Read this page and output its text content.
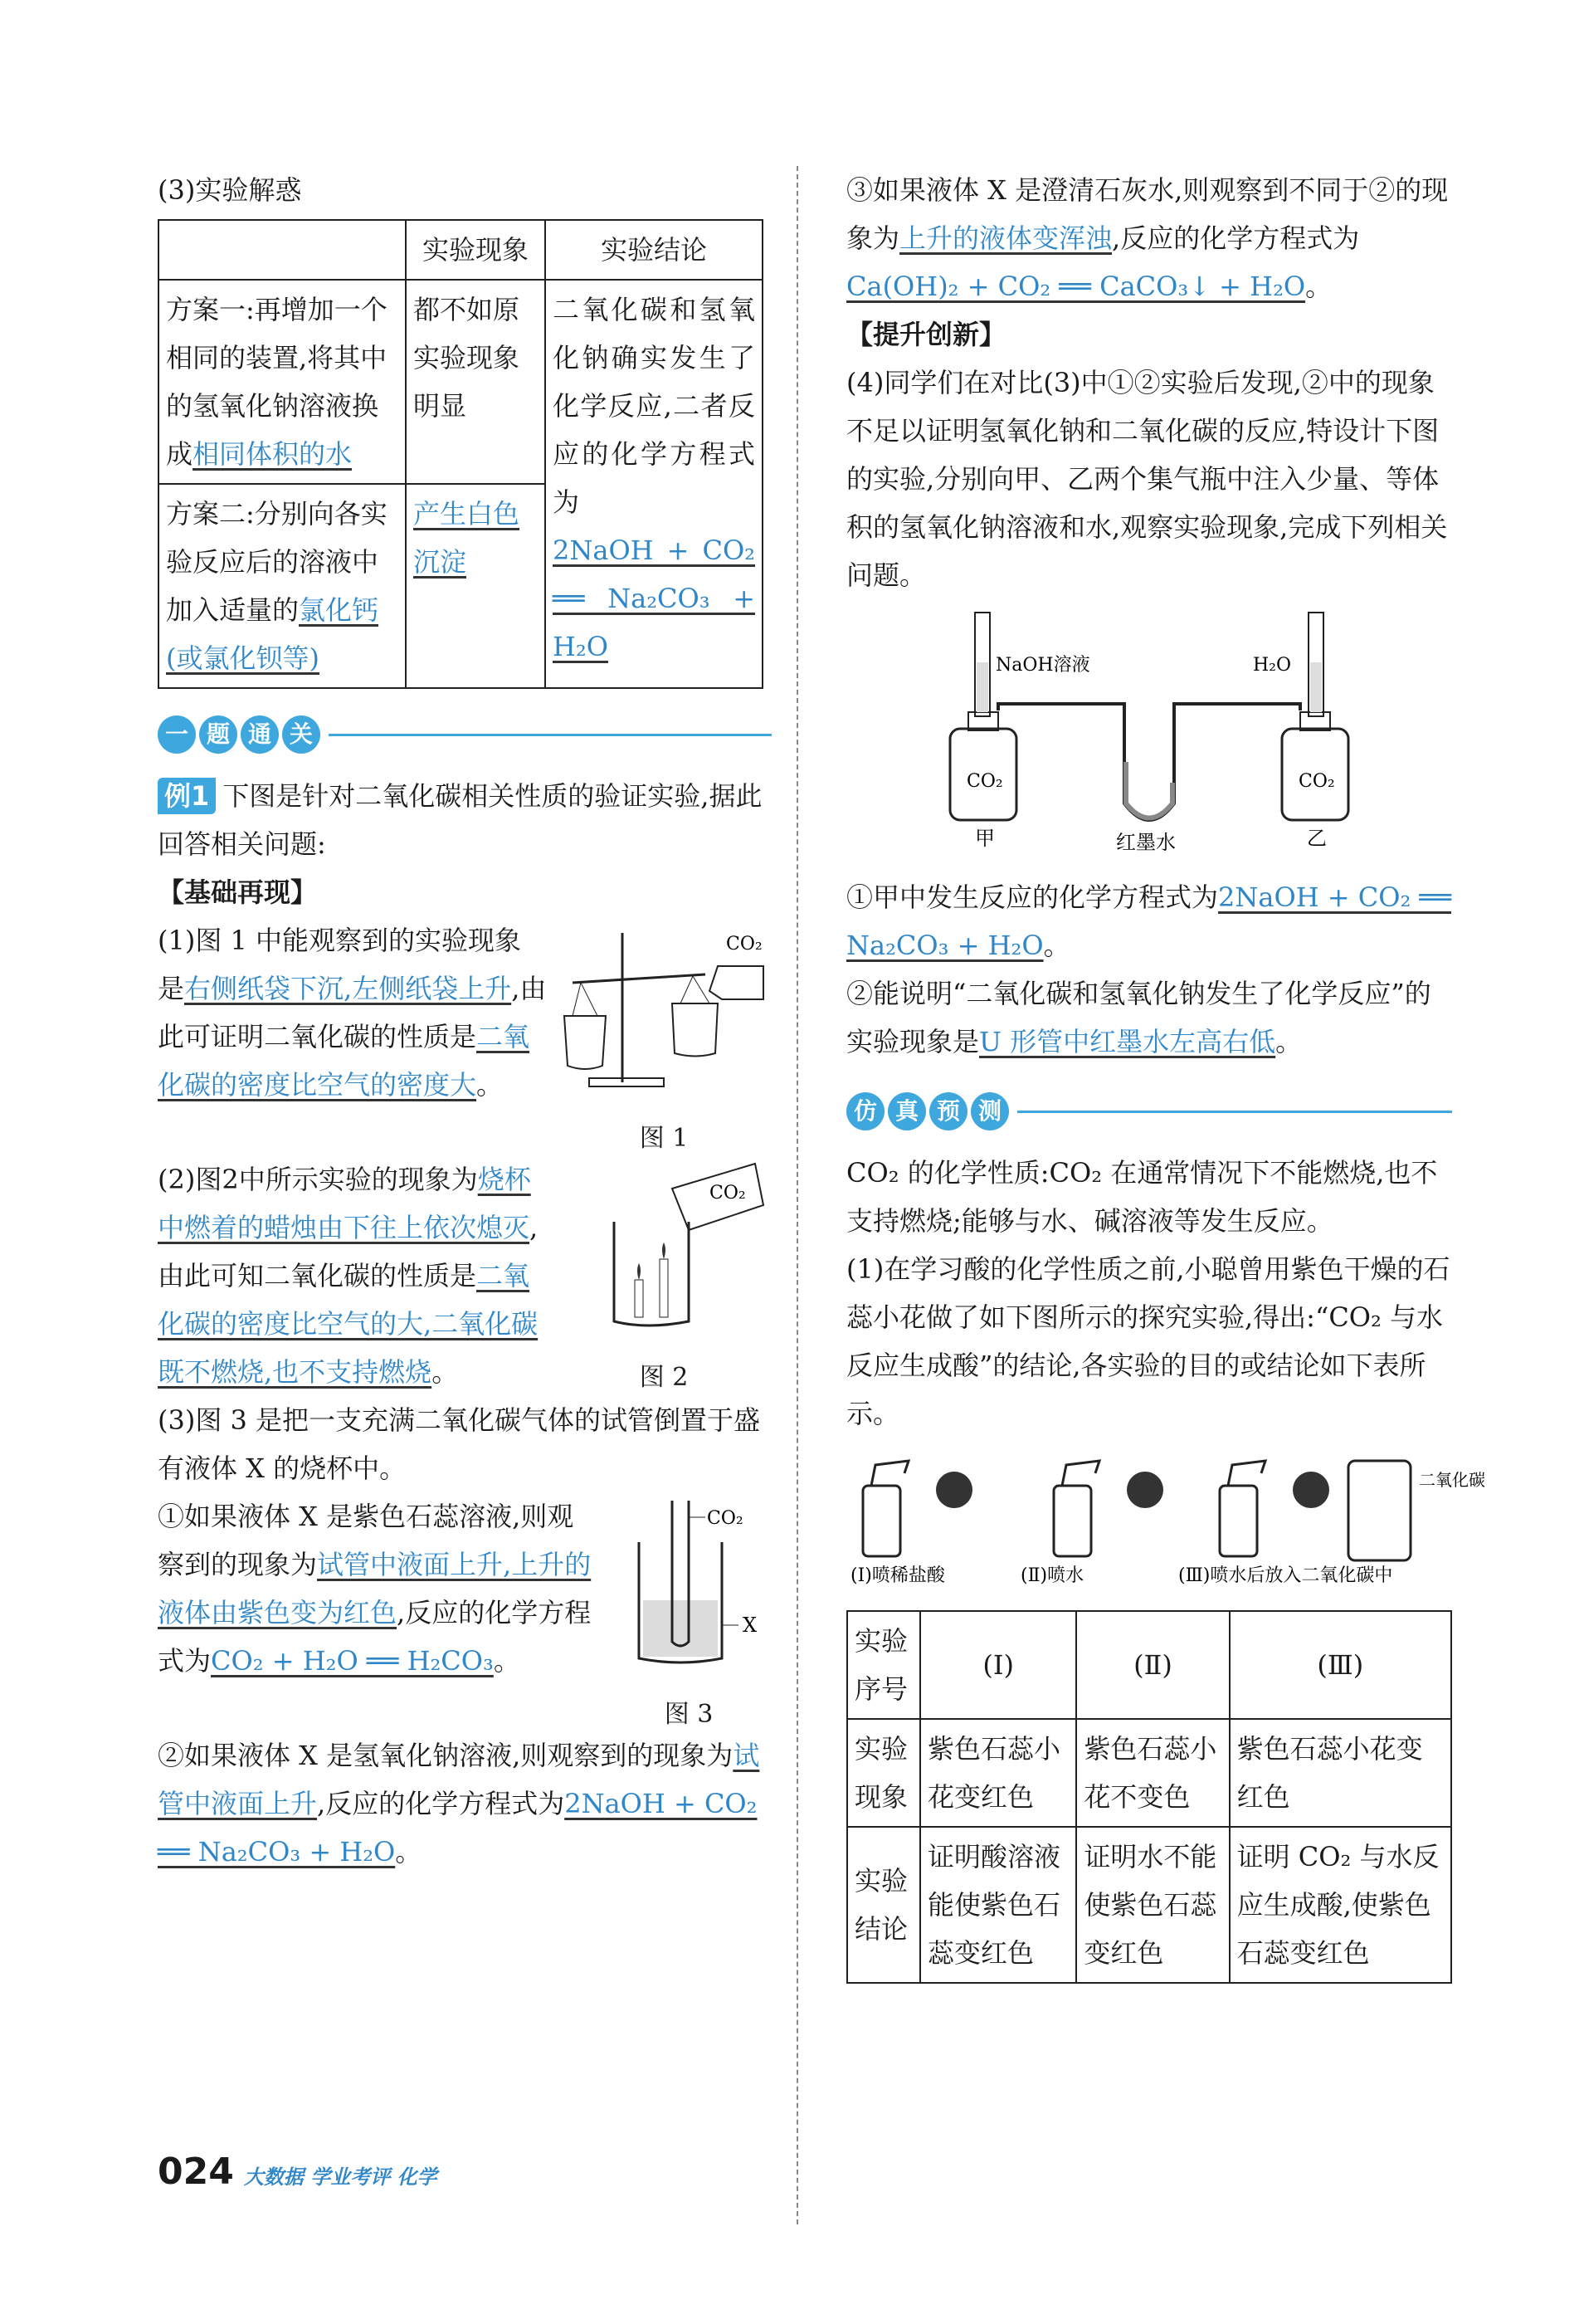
(3)实验解惑

	实验现象	实验结论
方案一:再增加一个相同的装置,将其中的氢氧化钠溶液换成相同体积的水	都不如原实验现象明显	二氧化碳和氢氧化钠确实发生了化学反应,二者反应的化学方程式为
2NaOH + CO₂ ══ Na₂CO₃ + H₂O
方案二:分别向各实验反应后的溶液中加入适量的氯化钙(或氯化钡等)	产生白色沉淀	
一 题 通 关

例1 下图是针对二氧化碳相关性质的验证实验,据此回答相关问题:

【基础再现】

CO₂
图 1

(1)图 1 中能观察到的实验现象是右侧纸袋下沉,左侧纸袋上升,由此可证明二氧化碳的性质是二氧化碳的密度比空气的密度大。

CO₂
图 2

(2)图2中所示实验的现象为烧杯中燃着的蜡烛由下往上依次熄灭,由此可知二氧化碳的性质是二氧化碳的密度比空气的大,二氧化碳既不燃烧,也不支持燃烧。

(3)图 3 是把一支充满二氧化碳气体的试管倒置于盛有液体 X 的烧杯中。

CO₂
X
图 3

①如果液体 X 是紫色石蕊溶液,则观察到的现象为试管中液面上升,上升的液体由紫色变为红色,反应的化学方程式为CO₂ + H₂O ══ H₂CO₃。

②如果液体 X 是氢氧化钠溶液,则观察到的现象为试管中液面上升,反应的化学方程式为2NaOH + CO₂ ══ Na₂CO₃ + H₂O。

③如果液体 X 是澄清石灰水,则观察到不同于②的现象为上升的液体变浑浊,反应的化学方程式为Ca(OH)₂ + CO₂ ══ CaCO₃↓ + H₂O。

【提升创新】

(4)同学们在对比(3)中①②实验后发现,②中的现象不足以证明氢氧化钠和二氧化碳的反应,特设计下图的实验,分别向甲、乙两个集气瓶中注入少量、等体积的氢氧化钠溶液和水,观察实验现象,完成下列相关问题。

NaOH溶液
CO₂
H₂O
CO₂
甲	红墨水	乙

①甲中发生反应的化学方程式为2NaOH + CO₂ ══ Na₂CO₃ + H₂O。

②能说明“二氧化碳和氢氧化钠发生了化学反应”的实验现象是U 形管中红墨水左高右低。

仿 真 预 测

CO₂ 的化学性质:CO₂ 在通常情况下不能燃烧,也不支持燃烧;能够与水、碱溶液等发生反应。

(1)在学习酸的化学性质之前,小聪曾用紫色干燥的石蕊小花做了如下图所示的探究实验,得出:“CO₂ 与水反应生成酸”的结论,各实验的目的或结论如下表所示。

二氧化碳
(Ⅰ)喷稀盐酸	(Ⅱ)喷水	(Ⅲ)喷水后放入二氧化碳中
实验序号	(Ⅰ)	(Ⅱ)	(Ⅲ)
实验现象	紫色石蕊小花变红色	紫色石蕊小花不变色	紫色石蕊小花变红色
实验结论	证明酸溶液能使紫色石蕊变红色	证明水不能使紫色石蕊变红色	证明 CO₂ 与水反应生成酸,使紫色石蕊变红色
024 大数据 学业考评 化学
